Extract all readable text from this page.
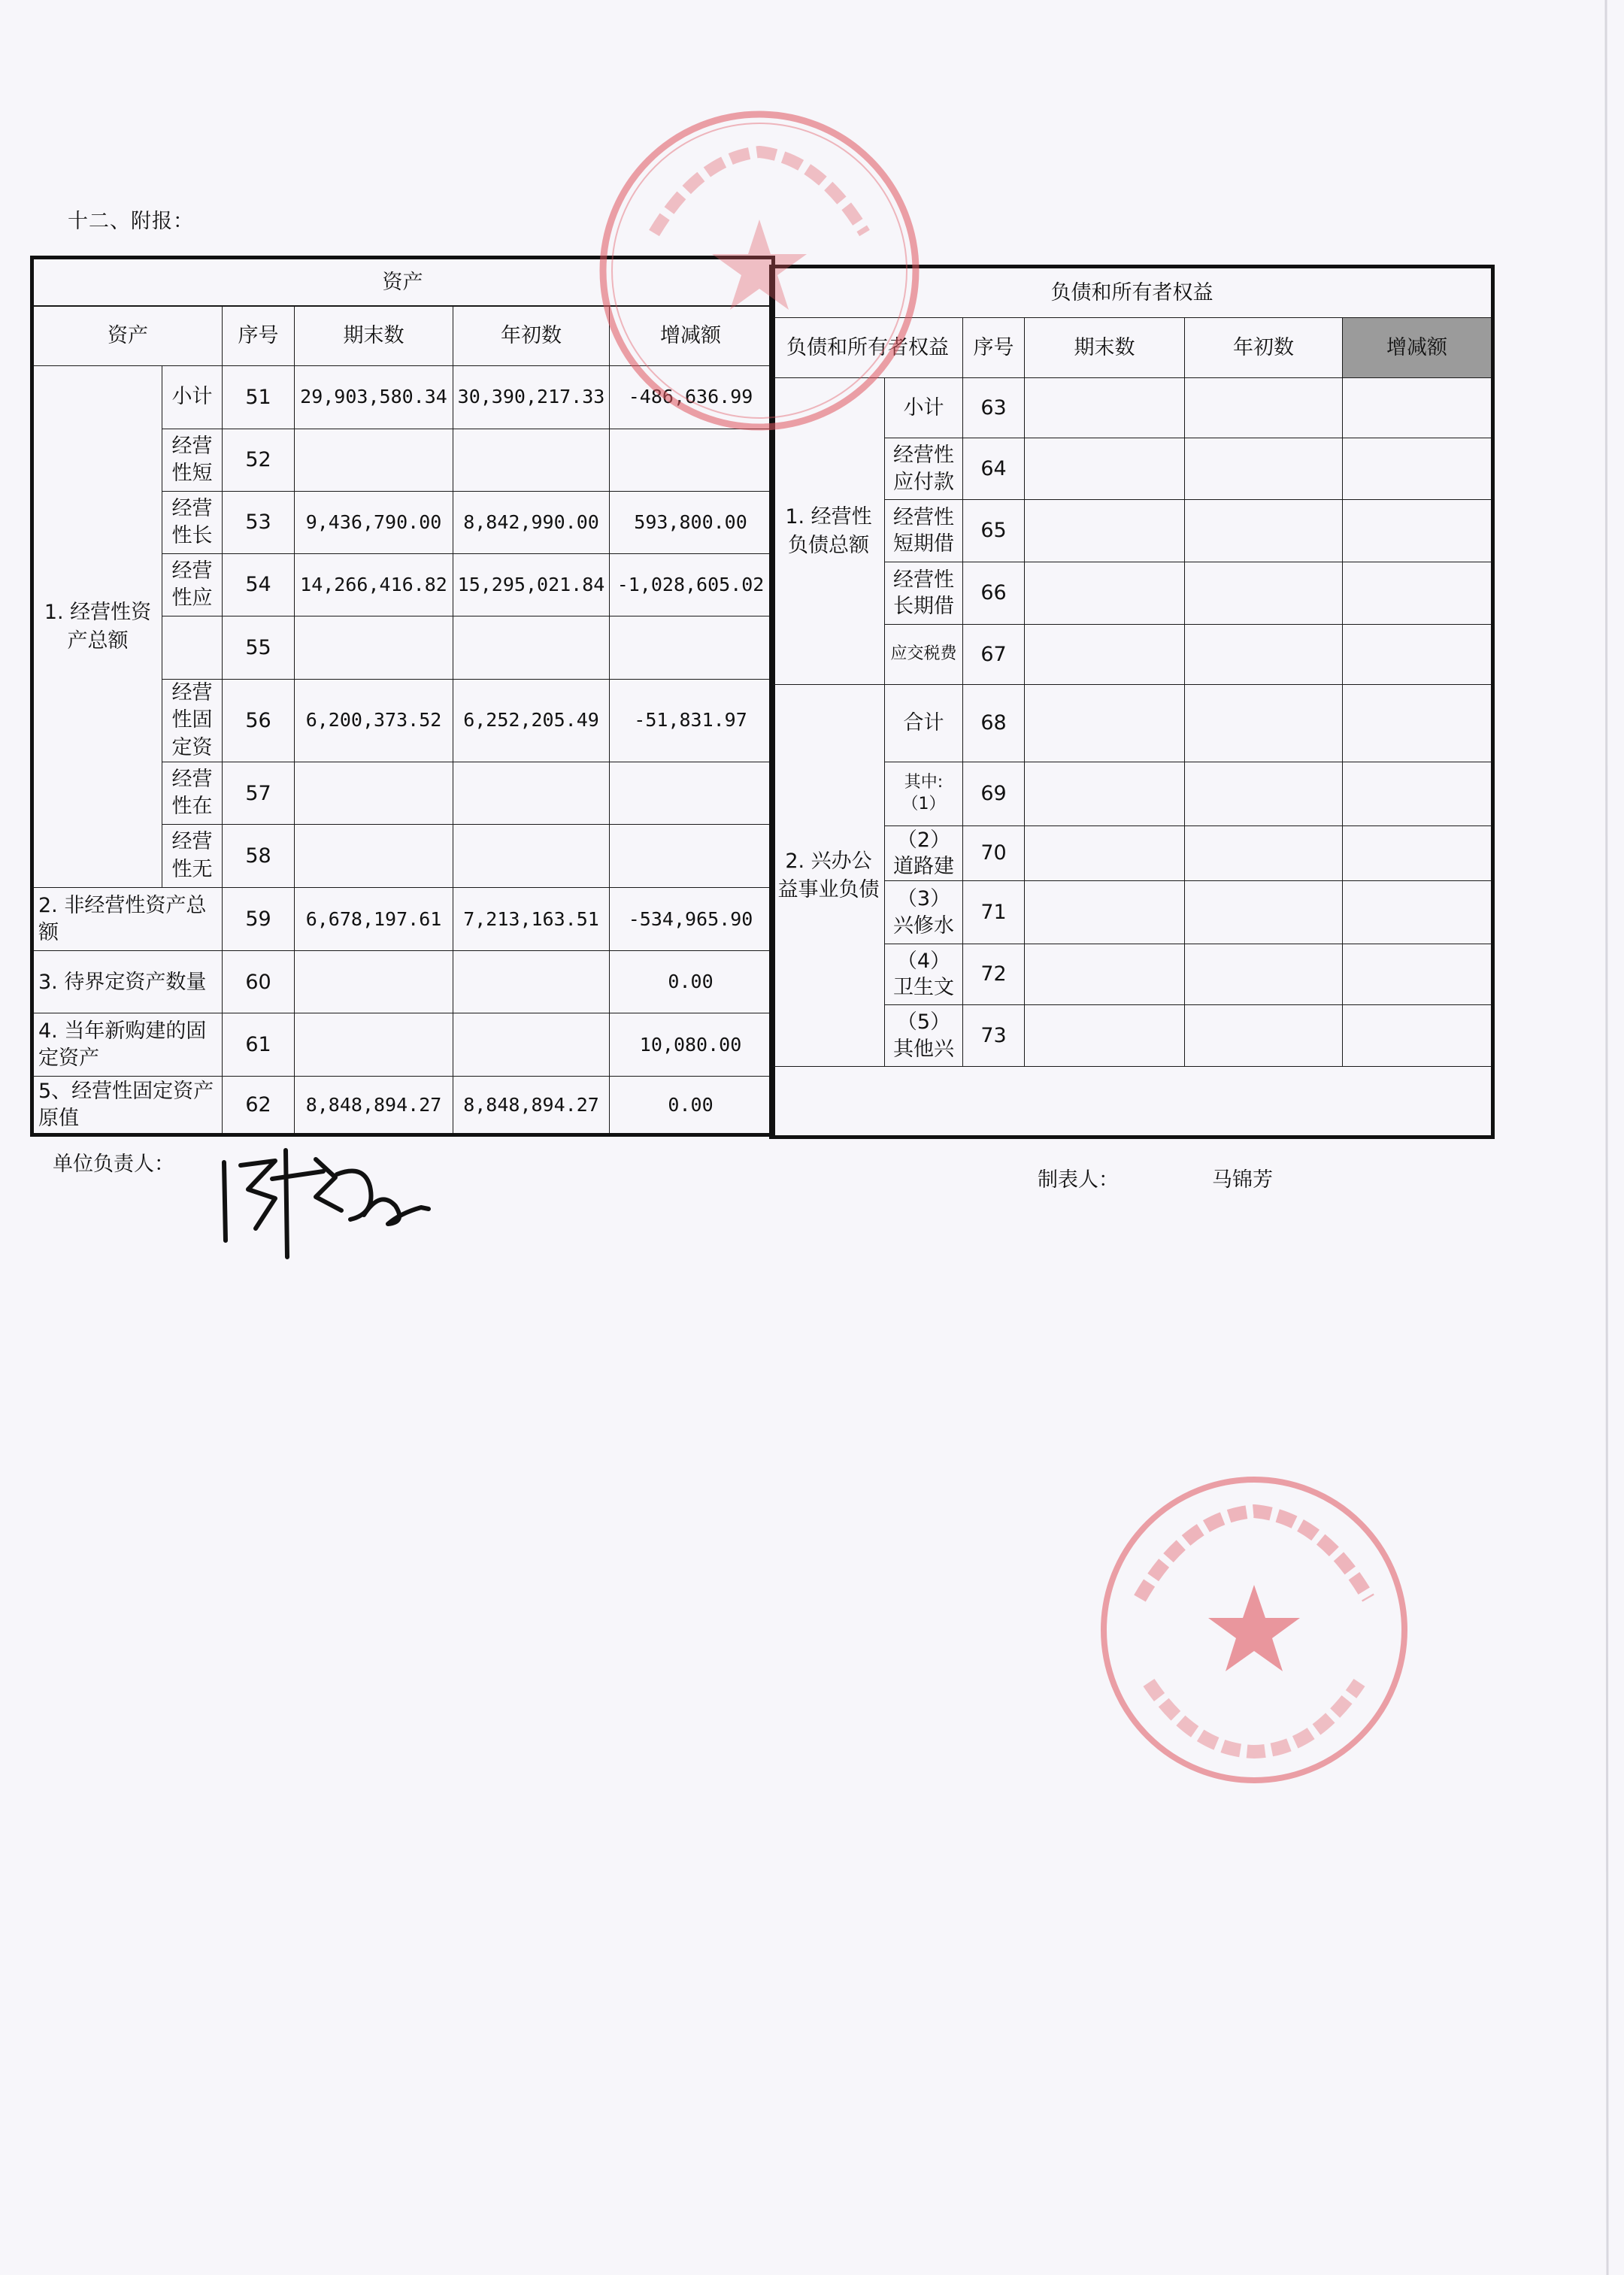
十二、附报：
资产					
资产		序号	期末数	年初数	增减额
1. 经营性资产总额	小计	51	29,903,580.34	30,390,217.33	-486,636.99
	经营性短	52			
	经营性长	53	9,436,790.00	8,842,990.00	593,800.00
	经营性应	54	14,266,416.82	15,295,021.84	-1,028,605.02
		55			
	经营性固定资	56	6,200,373.52	6,252,205.49	-51,831.97
	经营性在	57			
	经营性无	58			
2. 非经营性资产总额		59	6,678,197.61	7,213,163.51	-534,965.90
3. 待界定资产数量		60			0.00
4. 当年新购建的固定资产		61			10,080.00
5、经营性固定资产原值		62	8,848,894.27	8,848,894.27	0.00
负债和所有者权益					
负债和所有者权益		序号	期末数	年初数	增减额
1. 经营性负债总额	小计	63			
	经营性应付款	64			
	经营性短期借	65			
	经营性长期借	66			
	应交税费	67			
2. 兴办公益事业负债	合计	68			
	其中:（1）	69			
	（2）道路建	70			
	（3）兴修水	71			
	（4）卫生文	72			
	（5）其他兴	73			

单位负责人：
制表人：	马锦芳
